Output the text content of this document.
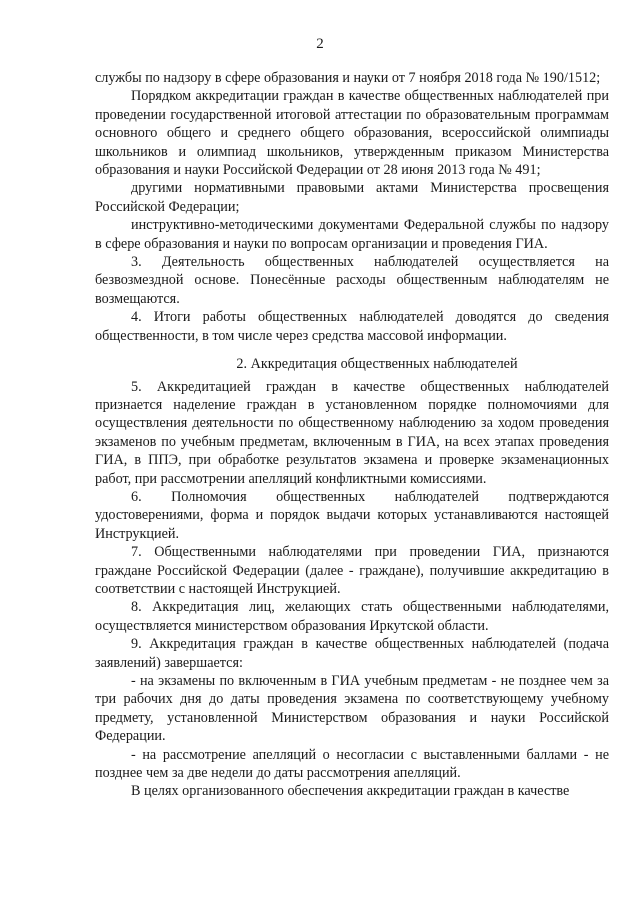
2

службы по надзору в сфере образования и науки от 7 ноября 2018 года № 190/1512;

Порядком аккредитации граждан в качестве общественных наблюдателей при проведении государственной итоговой аттестации по образовательным программам основного общего и среднего общего образования, всероссийской олимпиады школьников и олимпиад школьников, утвержденным приказом Министерства образования и науки Российской Федерации от 28 июня 2013 года № 491;

другими нормативными правовыми актами Министерства просвещения Российской Федерации;

инструктивно-методическими документами Федеральной службы по надзору в сфере образования и науки по вопросам организации и проведения ГИА.

3. Деятельность общественных наблюдателей осуществляется на безвозмездной основе. Понесённые расходы общественным наблюдателям не возмещаются.

4. Итоги работы общественных наблюдателей доводятся до сведения общественности, в том числе через средства массовой информации.

2. Аккредитация общественных наблюдателей

5. Аккредитацией граждан в качестве общественных наблюдателей признается наделение граждан в установленном порядке полномочиями для осуществления деятельности по общественному наблюдению за ходом проведения экзаменов по учебным предметам, включенным в ГИА, на всех этапах проведения ГИА, в ППЭ, при обработке результатов экзамена и проверке экзаменационных работ, при рассмотрении апелляций конфликтными комиссиями.

6. Полномочия общественных наблюдателей подтверждаются удостоверениями, форма и порядок выдачи которых устанавливаются настоящей Инструкцией.

7. Общественными наблюдателями при проведении ГИА, признаются граждане Российской Федерации (далее - граждане), получившие аккредитацию в соответствии с настоящей Инструкцией.

8. Аккредитация лиц, желающих стать общественными наблюдателями, осуществляется министерством образования Иркутской области.

9. Аккредитация граждан в качестве общественных наблюдателей (подача заявлений) завершается:

- на экзамены по включенным в ГИА учебным предметам - не позднее чем за три рабочих дня до даты проведения экзамена по соответствующему учебному предмету, установленной Министерством образования и науки Российской Федерации.

- на рассмотрение апелляций о несогласии с выставленными баллами - не позднее чем за две недели до даты рассмотрения апелляций.

В целях организованного обеспечения аккредитации граждан в качестве
